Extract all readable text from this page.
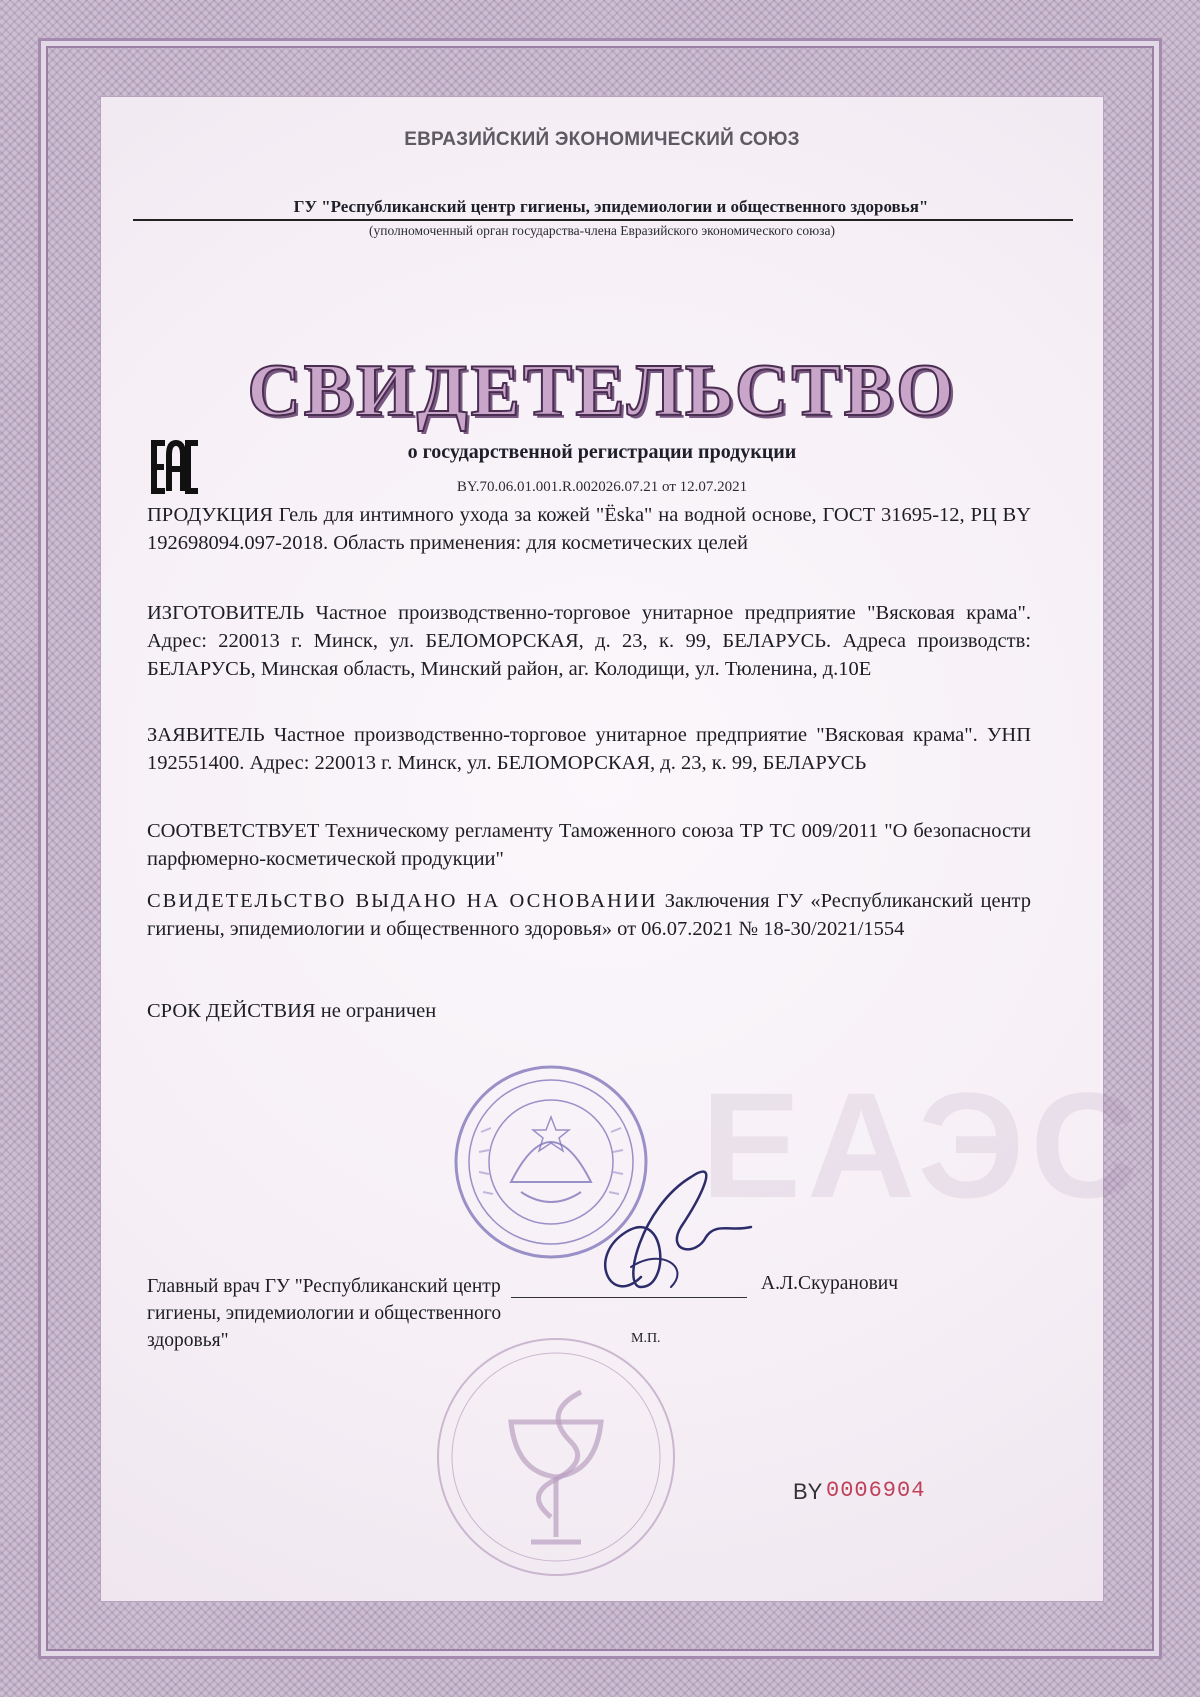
ЕАЭС
ЕВРАЗИЙСКИЙ ЭКОНОМИЧЕСКИЙ СОЮЗ
ГУ "Республиканский центр гигиены, эпидемиологии и общественного здоровья"
(уполномоченный орган государства-члена Евразийского экономического союза)
СВИДЕТЕЛЬСТВО
о государственной регистрации продукции
BY.70.06.01.001.R.002026.07.21 от 12.07.2021
ПРОДУКЦИЯ Гель для интимного ухода за кожей "Ёska" на водной основе, ГОСТ 31695-12, РЦ BY 192698094.097-2018. Область применения: для косметических целей
ИЗГОТОВИТЕЛЬ Частное производственно-торговое унитарное предприятие "Вясковая крама". Адрес: 220013 г. Минск, ул. БЕЛОМОРСКАЯ, д. 23, к. 99, БЕЛАРУСЬ. Адреса производств: БЕЛАРУСЬ, Минская область, Минский район, аг. Колодищи, ул. Тюленина, д.10Е
ЗАЯВИТЕЛЬ Частное производственно-торговое унитарное предприятие "Вясковая крама". УНП 192551400. Адрес: 220013 г. Минск, ул. БЕЛОМОРСКАЯ, д. 23, к. 99, БЕЛАРУСЬ
СООТВЕТСТВУЕТ Техническому регламенту Таможенного союза ТР ТС 009/2011 "О безопасности парфюмерно-косметической продукции"
СВИДЕТЕЛЬСТВО ВЫДАНО НА ОСНОВАНИИ Заключения ГУ «Республиканский центр гигиены, эпидемиологии и общественного здоровья» от 06.07.2021 № 18-30/2021/1554
СРОК ДЕЙСТВИЯ не ограничен
Главный врач ГУ "Республиканский центр гигиены, эпидемиологии и общественного здоровья"
А.Л.Скуранович
М.П.
BY 0006904
